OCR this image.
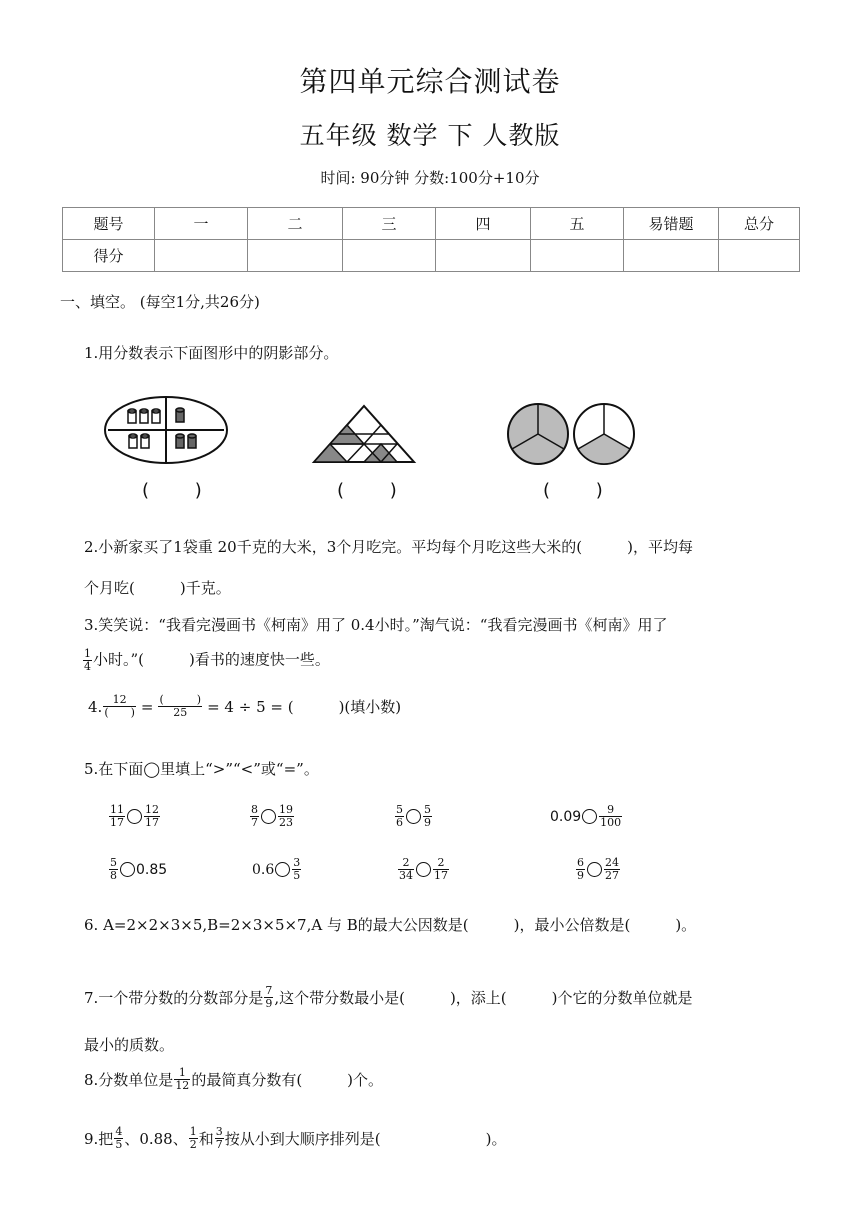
第四单元综合测试卷
五年级 数学 下 人教版
时间: 90分钟 分数:100分+10分
题号	一	二	三	四	五	易错题	总分
得分							
一、填空。 (每空1分,共26分)
1.用分数表示下面图形中的阴影部分。
( )	( )	( )
2.小新家买了1袋重 20千克的大米，3个月吃完。平均每个月吃这些大米的(　　　)，平均每
个月吃(　　　)千克。
3.笑笑说：“我看完漫画书《柯南》用了 0.4小时。”淘气说：“我看完漫画书《柯南》用了
$\frac{1}{4}$ 小时。”(　　　)看书的速度快一些。
4. $\frac{12}{( )} = \frac{( )}{25} = 4 \div 5$ = (　　　)(填小数)
5.在下面◯里填上“>”“<”或“=”。
$\frac{11}{17} \frac{12}{17}$	$\frac{8}{7} \frac{19}{23}$	$\frac{5}{6} \frac{5}{9}$	$0.09 \frac{9}{100}$
$\frac{5}{8} 0.85$	$0.6 \frac{3}{5}$	$\frac{2}{34} \frac{2}{17}$	$\frac{6}{9} \frac{24}{27}$
6. A=2×2×3×5,B=2×3×5×7,A 与 B的最大公因数是(　　　)，最小公倍数是(　　　)。
7.一个带分数的分数部分是 $\frac{7}{9}$ ,这个带分数最小是(　　　)，添上(　　　)个它的分数单位就是
最小的质数。
8.分数单位是 $\frac{1}{12}$ 的最简真分数有(　　　)个。
9.把 $\frac{4}{5}$ 、0.88、 $\frac{1}{2}$ 和 $\frac{3}{7}$ 按从小到大顺序排列是(　　　　　　　)。
